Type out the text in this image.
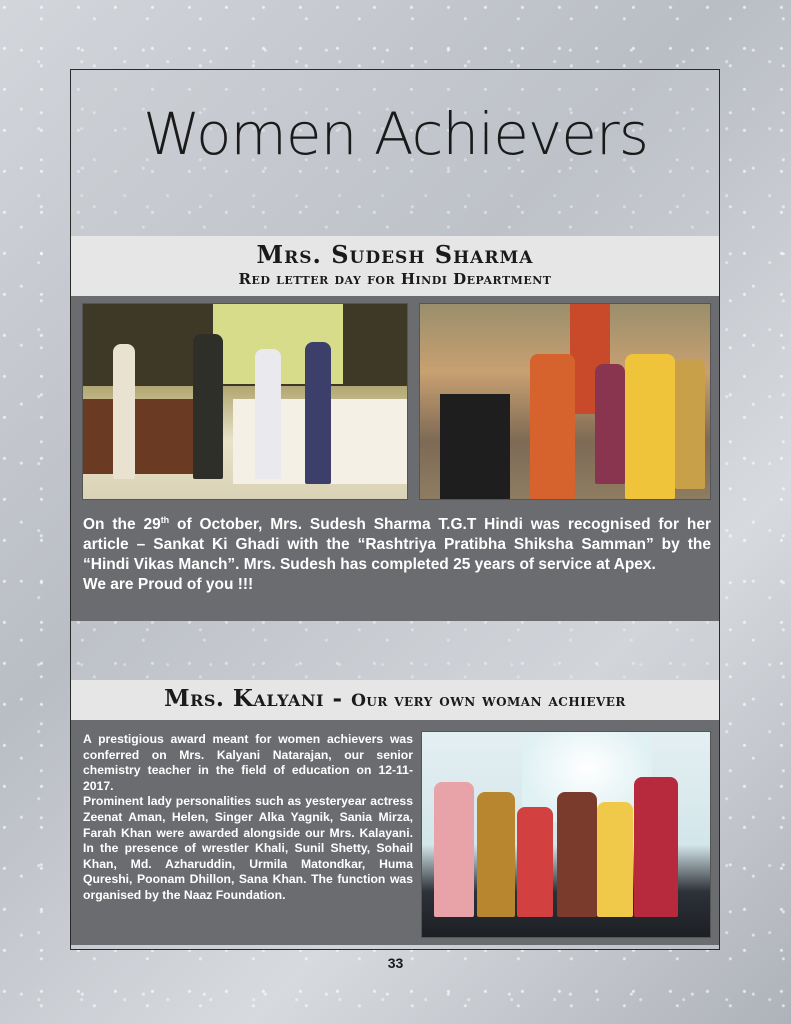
Women Achievers
Mrs. Sudesh Sharma
Red letter day for Hindi Department

On the 29th of October, Mrs. Sudesh Sharma T.G.T Hindi was recognised for her article – Sankat Ki Ghadi with the “Rashtriya Pratibha Shiksha Samman” by the “Hindi Vikas Manch”. Mrs. Sudesh has completed 25 years of service at Apex.

We are Proud of you !!!

Mrs. Kalyani - Our very own woman achiever

A prestigious award meant for women achievers was conferred on Mrs. Kalyani Natarajan, our senior chemistry teacher in the field of education on 12-11-2017.

Prominent lady personalities such as yesteryear actress Zeenat Aman, Helen, Singer Alka Yagnik, Sania Mirza, Farah Khan were awarded alongside our Mrs. Kalayani. In the presence of wrestler Khali, Sunil Shetty, Sohail Khan, Md. Azharuddin, Urmila Matondkar, Huma Qureshi, Poonam Dhillon, Sana Khan. The function was organised by the Naaz Foundation.

33
